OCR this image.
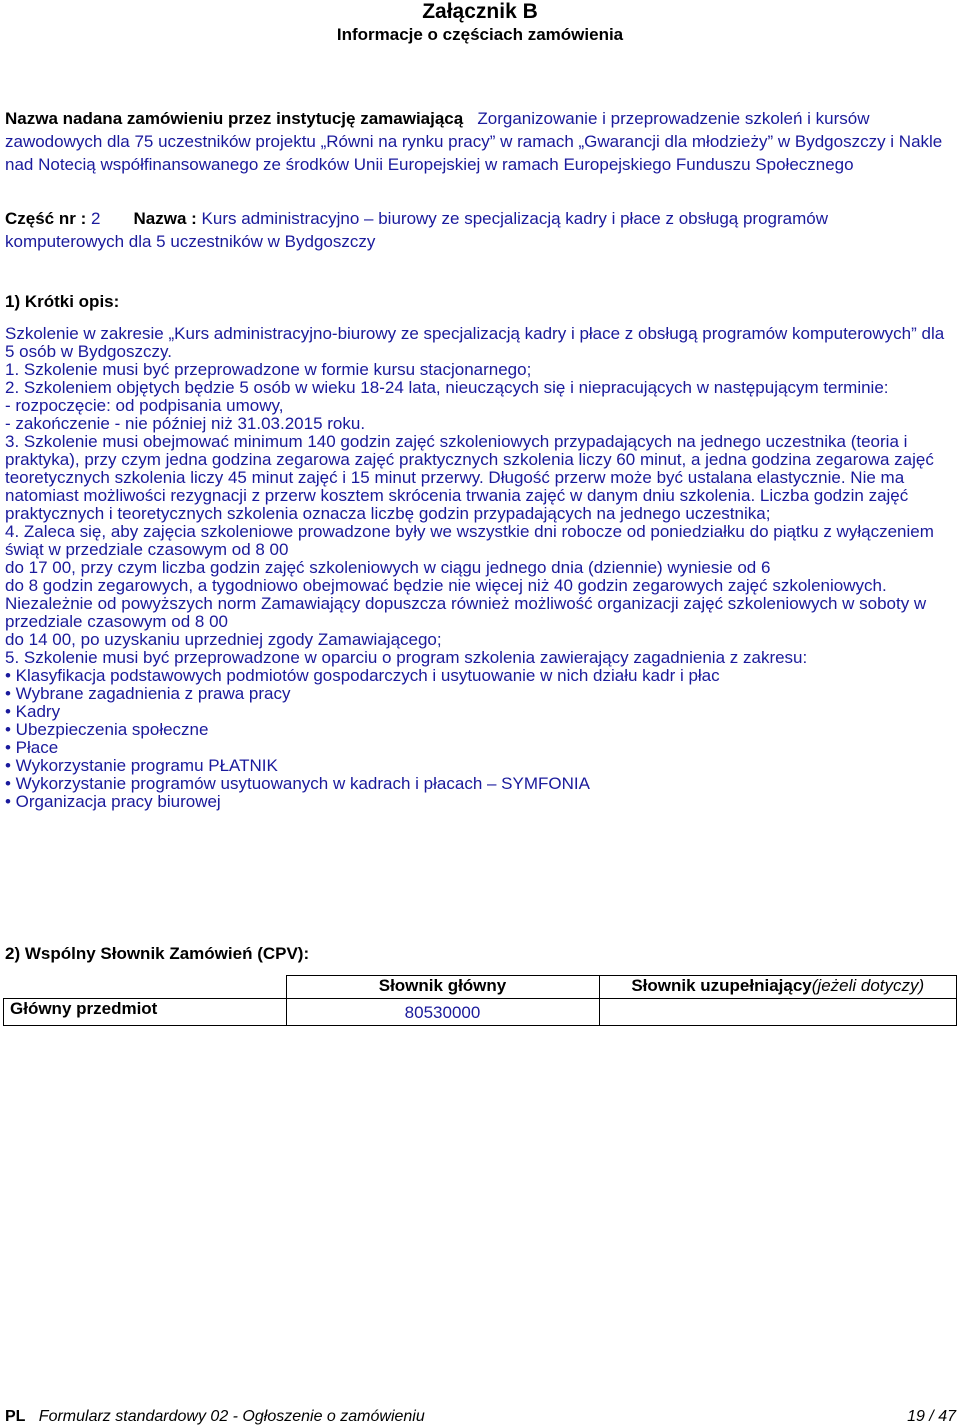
Załącznik B
Informacje o częściach zamówienia
Nazwa nadana zamówieniu przez instytucję zamawiającą Zorganizowanie i przeprowadzenie szkoleń i kursów zawodowych dla 75 uczestników projektu „Równi na rynku pracy” w ramach „Gwarancji dla młodzieży” w Bydgoszczy i Nakle nad Notecią współfinansowanego ze środków Unii Europejskiej w ramach Europejskiego Funduszu Społecznego
Część nr : 2 Nazwa : Kurs administracyjno – biurowy ze specjalizacją kadry i płace z obsługą programów komputerowych dla 5 uczestników w Bydgoszczy
1) Krótki opis:
Szkolenie w zakresie „Kurs administracyjno-biurowy ze specjalizacją kadry i płace z obsługą programów komputerowych” dla 5 osób w Bydgoszczy.
1. Szkolenie musi być przeprowadzone w formie kursu stacjonarnego;
2. Szkoleniem objętych będzie 5 osób w wieku 18-24 lata, nieuczących się i niepracujących w następującym terminie:
- rozpoczęcie: od podpisania umowy,
- zakończenie - nie później niż 31.03.2015 roku.
3. Szkolenie musi obejmować minimum 140 godzin zajęć szkoleniowych przypadających na jednego uczestnika (teoria i praktyka), przy czym jedna godzina zegarowa zajęć praktycznych szkolenia liczy 60 minut, a jedna godzina zegarowa zajęć teoretycznych szkolenia liczy 45 minut zajęć i 15 minut przerwy. Długość przerw może być ustalana elastycznie. Nie ma natomiast możliwości rezygnacji z przerw kosztem skrócenia trwania zajęć w danym dniu szkolenia. Liczba godzin zajęć praktycznych i teoretycznych szkolenia oznacza liczbę godzin przypadających na jednego uczestnika;
4. Zaleca się, aby zajęcia szkoleniowe prowadzone były we wszystkie dni robocze od poniedziałku do piątku z wyłączeniem świąt w przedziale czasowym od 8 00
do 17 00, przy czym liczba godzin zajęć szkoleniowych w ciągu jednego dnia (dziennie) wyniesie od 6
do 8 godzin zegarowych, a tygodniowo obejmować będzie nie więcej niż 40 godzin zegarowych zajęć szkoleniowych. Niezależnie od powyższych norm Zamawiający dopuszcza również możliwość organizacji zajęć szkoleniowych w soboty w przedziale czasowym od 8 00
do 14 00, po uzyskaniu uprzedniej zgody Zamawiającego;
5. Szkolenie musi być przeprowadzone w oparciu o program szkolenia zawierający zagadnienia z zakresu:
• Klasyfikacja podstawowych podmiotów gospodarczych i usytuowanie w nich działu kadr i płac
• Wybrane zagadnienia z prawa pracy
• Kadry
• Ubezpieczenia społeczne
• Płace
• Wykorzystanie programu PŁATNIK
• Wykorzystanie programów usytuowanych w kadrach i płacach – SYMFONIA
• Organizacja pracy biurowej
2) Wspólny Słownik Zamówień (CPV):
	Słownik główny	Słownik uzupełniający(jeżeli dotyczy)
Główny przedmiot	80530000	
PL Formularz standardowy 02 - Ogłoszenie o zamówieniu	19 / 47
